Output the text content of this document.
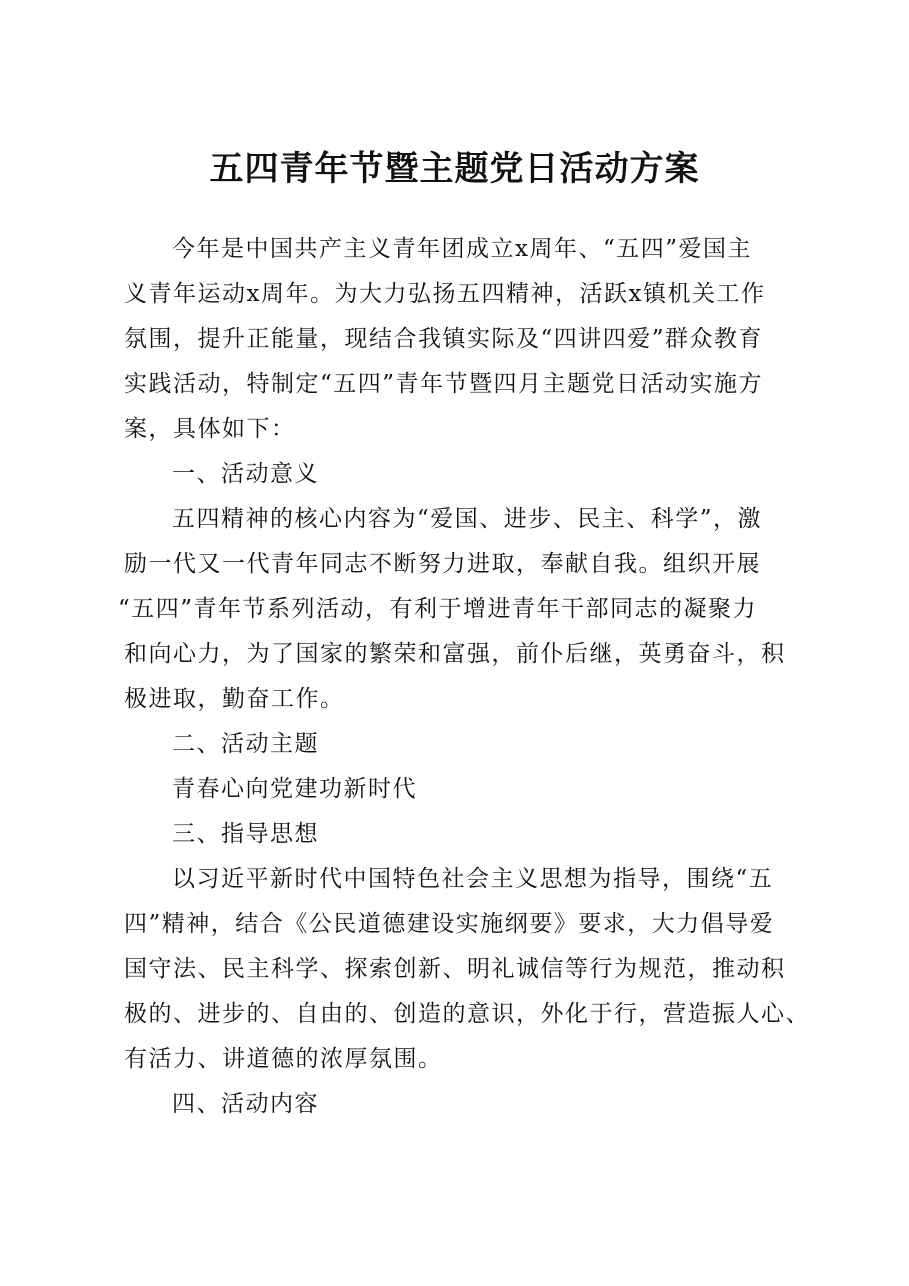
五四青年节暨主题党日活动方案
今年是中国共产主义青年团成立x周年、“五四”爱国主
义青年运动x周年。为大力弘扬五四精神，活跃x镇机关工作
氛围，提升正能量，现结合我镇实际及“四讲四爱”群众教育
实践活动，特制定“五四”青年节暨四月主题党日活动实施方
案，具体如下：
一、活动意义
五四精神的核心内容为“爱国、进步、民主、科学”，激
励一代又一代青年同志不断努力进取，奉献自我。组织开展
“五四”青年节系列活动，有利于增进青年干部同志的凝聚力
和向心力，为了国家的繁荣和富强，前仆后继，英勇奋斗，积
极进取，勤奋工作。
二、活动主题
青春心向党建功新时代
三、指导思想
以习近平新时代中国特色社会主义思想为指导，围绕“五
四”精神，结合《公民道德建设实施纲要》要求，大力倡导爱
国守法、民主科学、探索创新、明礼诚信等行为规范，推动积
极的、进步的、自由的、创造的意识，外化于行，营造振人心、
有活力、讲道德的浓厚氛围。
四、活动内容
